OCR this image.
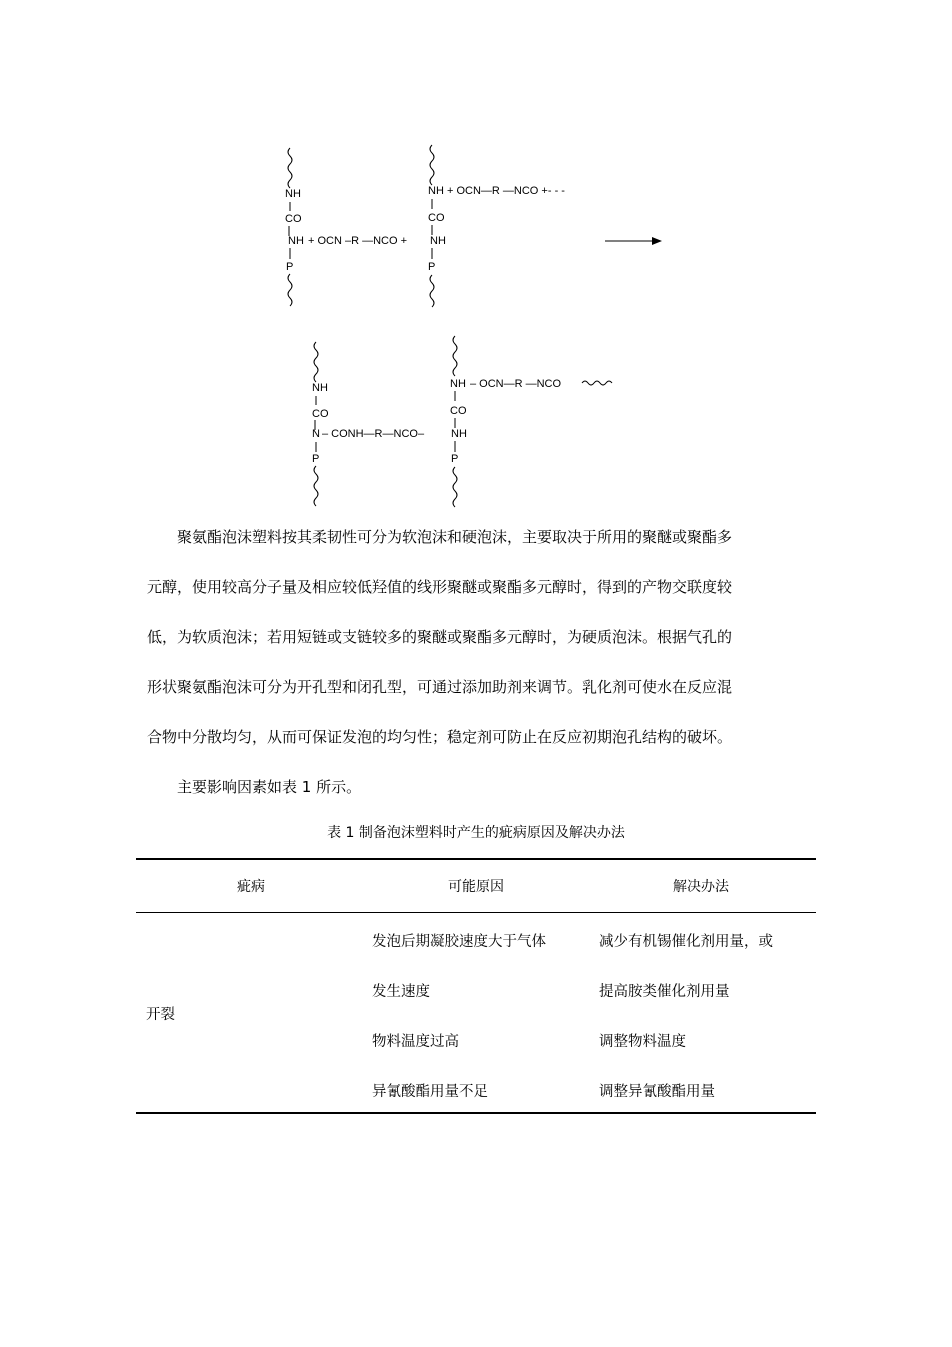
NH
CO
NH + OCN –R —NCO +
P
NH + OCN—R —NCO +- - -
CO
NH
P
NH
CO
N – CONH—R—NCO–
P
NH – OCN—R —NCO
CO
NH
P
聚氨酯泡沫塑料按其柔韧性可分为软泡沫和硬泡沫，主要取决于所用的聚醚或聚酯多
元醇，使用较高分子量及相应较低羟值的线形聚醚或聚酯多元醇时，得到的产物交联度较
低，为软质泡沫；若用短链或支链较多的聚醚或聚酯多元醇时，为硬质泡沫。根据气孔的
形状聚氨酯泡沫可分为开孔型和闭孔型，可通过添加助剂来调节。乳化剂可使水在反应混
合物中分散均匀，从而可保证发泡的均匀性；稳定剂可防止在反应初期泡孔结构的破坏。
主要影响因素如表 1 所示。
表 1 制备泡沫塑料时产生的疵病原因及解决办法
疵病	可能原因	解决办法
开裂
发泡后期凝胶速度大于气体	减少有机锡催化剂用量，或
发生速度	提高胺类催化剂用量
物料温度过高	调整物料温度
异氰酸酯用量不足	调整异氰酸酯用量
